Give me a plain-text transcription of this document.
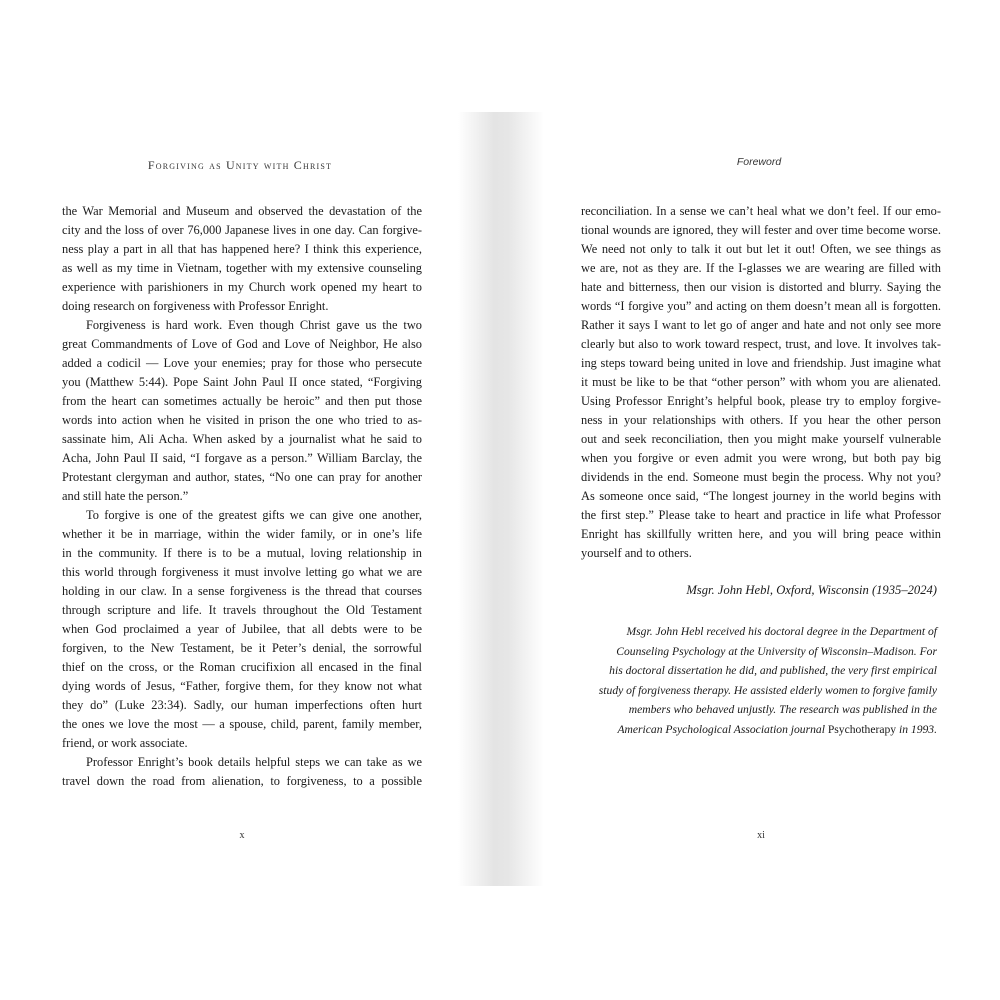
Forgiving as Unity with Christ

the War Memorial and Museum and observed the devastation of the
city and the loss of over 76,000 Japanese lives in one day. Can forgive-
ness play a part in all that has happened here? I think this experience,
as well as my time in Vietnam, together with my extensive counseling
experience with parishioners in my Church work opened my heart to
doing research on forgiveness with Professor Enright.

Forgiveness is hard work. Even though Christ gave us the two
great Commandments of Love of God and Love of Neighbor, He also
added a codicil — Love your enemies; pray for those who persecute
you (Matthew 5:44). Pope Saint John Paul II once stated, “Forgiving
from the heart can sometimes actually be heroic” and then put those
words into action when he visited in prison the one who tried to as-
sassinate him, Ali Acha. When asked by a journalist what he said to
Acha, John Paul II said, “I forgave as a person.” William Barclay, the
Protestant clergyman and author, states, “No one can pray for another
and still hate the person.”

To forgive is one of the greatest gifts we can give one another,
whether it be in marriage, within the wider family, or in one’s life
in the community. If there is to be a mutual, loving relationship in
this world through forgiveness it must involve letting go what we are
holding in our claw. In a sense forgiveness is the thread that courses
through scripture and life. It travels throughout the Old Testament
when God proclaimed a year of Jubilee, that all debts were to be
forgiven, to the New Testament, be it Peter’s denial, the sorrowful
thief on the cross, or the Roman crucifixion all encased in the final
dying words of Jesus, “Father, forgive them, for they know not what
they do” (Luke 23:34). Sadly, our human imperfections often hurt
the ones we love the most — a spouse, child, parent, family member,
friend, or work associate.

Professor Enright’s book details helpful steps we can take as we
travel down the road from alienation, to forgiveness, to a possible

x
Foreword

reconciliation. In a sense we can’t heal what we don’t feel. If our emo-
tional wounds are ignored, they will fester and over time become worse.
We need not only to talk it out but let it out! Often, we see things as
we are, not as they are. If the I-glasses we are wearing are filled with
hate and bitterness, then our vision is distorted and blurry. Saying the
words “I forgive you” and acting on them doesn’t mean all is forgotten.
Rather it says I want to let go of anger and hate and not only see more
clearly but also to work toward respect, trust, and love. It involves tak-
ing steps toward being united in love and friendship. Just imagine what
it must be like to be that “other person” with whom you are alienated.
Using Professor Enright’s helpful book, please try to employ forgive-
ness in your relationships with others. If you hear the other person
out and seek reconciliation, then you might make yourself vulnerable
when you forgive or even admit you were wrong, but both pay big
dividends in the end. Someone must begin the process. Why not you?
As someone once said, “The longest journey in the world begins with
the first step.” Please take to heart and practice in life what Professor
Enright has skillfully written here, and you will bring peace within
yourself and to others.

Msgr. John Hebl, Oxford, Wisconsin (1935–2024)
Msgr. John Hebl received his doctoral degree in the Department of
Counseling Psychology at the University of Wisconsin–Madison. For
his doctoral dissertation he did, and published, the very first empirical
study of forgiveness therapy. He assisted elderly women to forgive family
members who behaved unjustly. The research was published in the
American Psychological Association journal Psychotherapy in 1993.
xi
